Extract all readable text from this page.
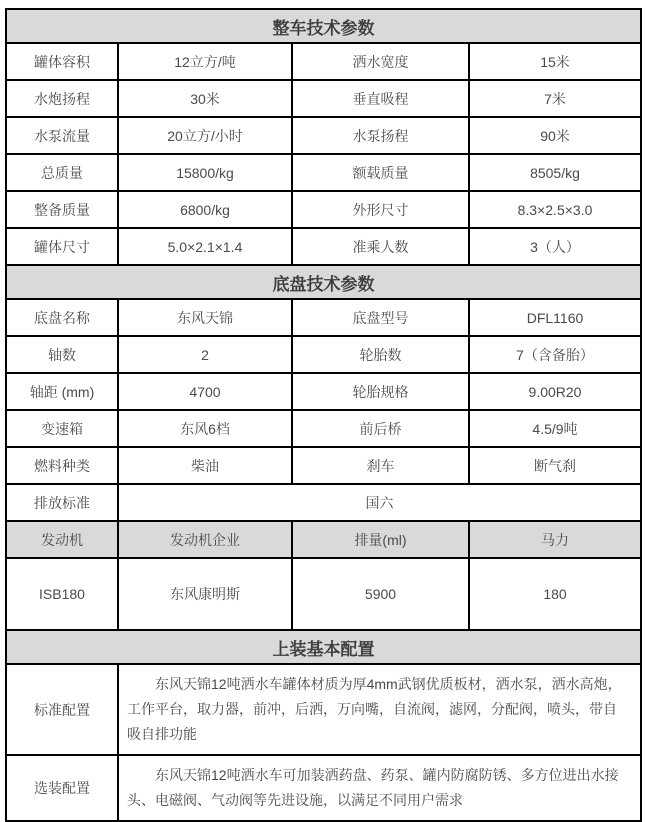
整车技术参数			
罐体容积	12立方/吨	洒水宽度	15米
水炮扬程	30米	垂直吸程	7米
水泵流量	20立方/小时	水泵扬程	90米
总质量	15800/kg	额载质量	8505/kg
整备质量	6800/kg	外形尺寸	8.3×2.5×3.0
罐体尺寸	5.0×2.1×1.4	准乘人数	3（人）
底盘技术参数			
底盘名称	东风天锦	底盘型号	DFL1160
轴数	2	轮胎数	7（含备胎）
轴距 (mm)	4700	轮胎规格	9.00R20
变速箱	东风6档	前后桥	4.5/9吨
燃料种类	柴油	刹车	断气刹
排放标准	国六		
发动机	发动机企业	排量(ml)	马力
ISB180	东风康明斯	5900	180
上装基本配置			
标准配置	东风天锦12吨洒水车罐体材质为厚4mm武钢优质板材，洒水泵，洒水高炮，工作平台，取力器，前冲，后洒，万向嘴，自流阀，滤网，分配阀，喷头，带自吸自排功能		
选装配置	东风天锦12吨洒水车可加装洒药盘、药泵、罐内防腐防锈、多方位进出水接头、电磁阀、气动阀等先进设施，以满足不同用户需求		
